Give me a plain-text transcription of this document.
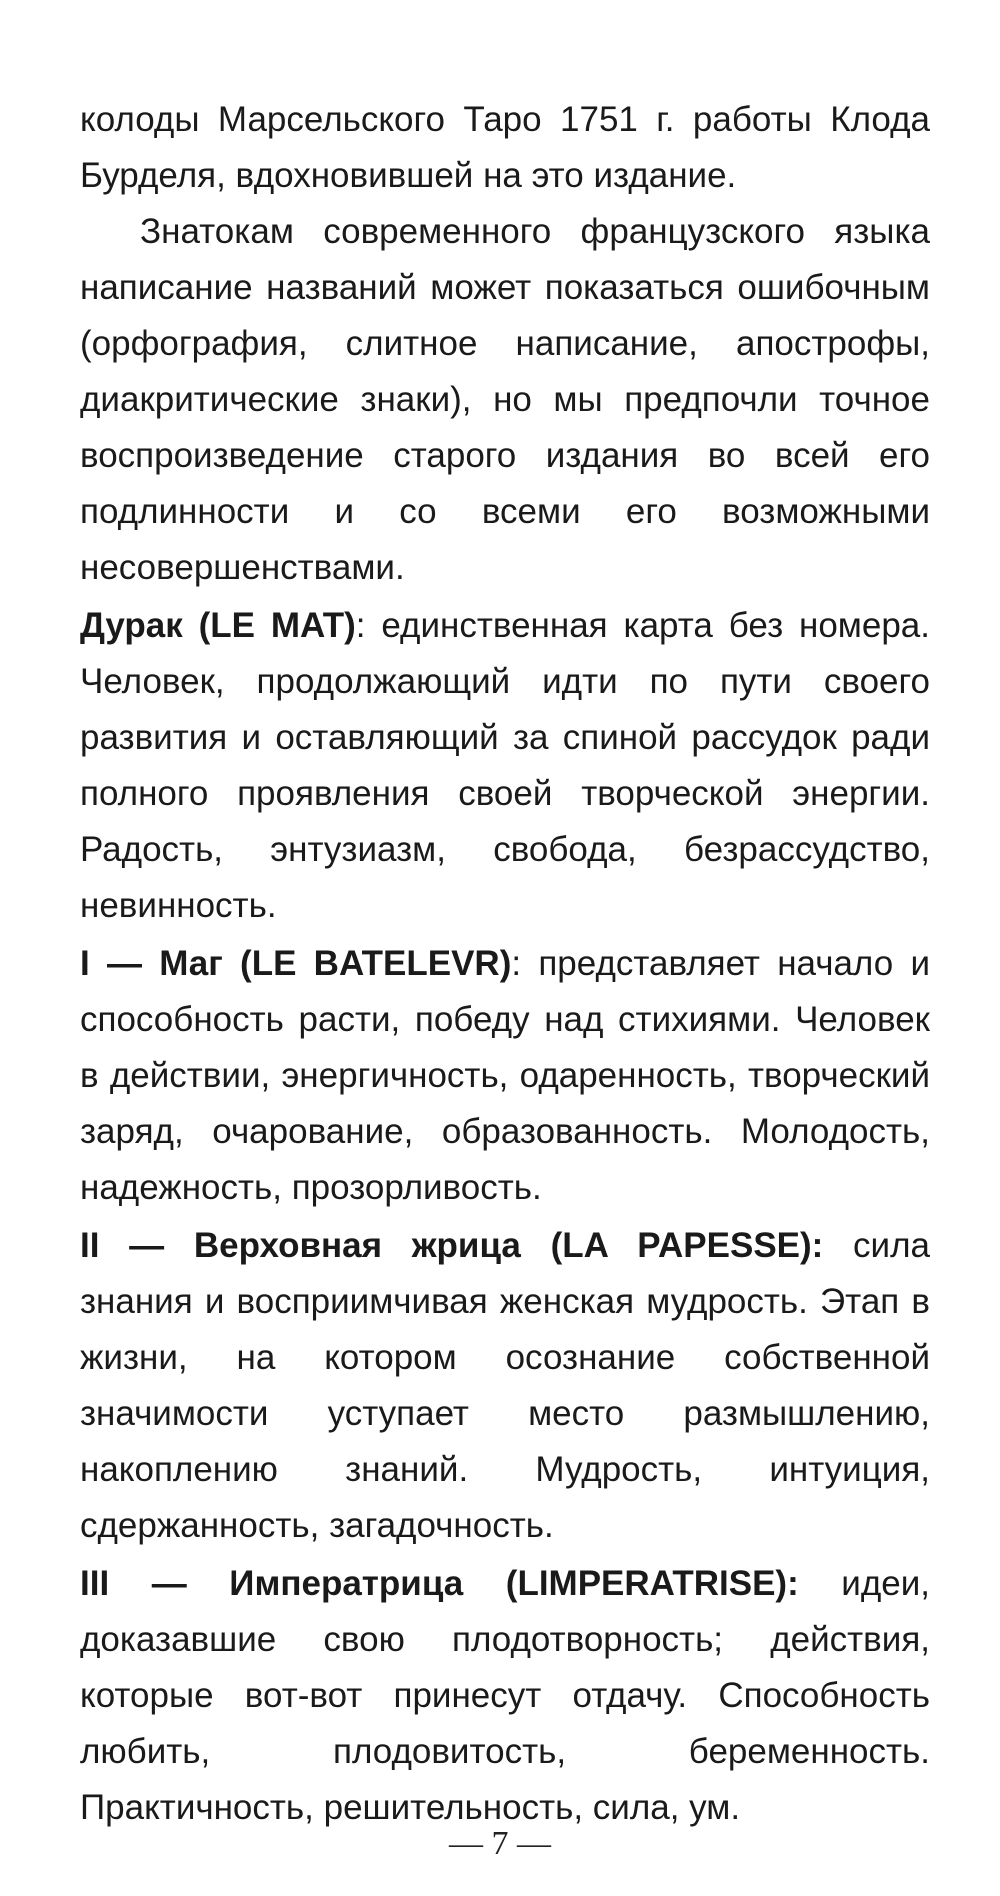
колоды Марсельского Таро 1751 г. работы Клода Бурделя, вдохновившей на это издание.

Знатокам современного французского языка написание названий может показаться ошибочным (орфография, слитное написание, апострофы, диакритические знаки), но мы предпочли точное воспроизведение старого издания во всей его подлинности и со всеми его возможными несовершенствами.

Дурак (LE MAT): единственная карта без номера. Человек, продолжающий идти по пути своего развития и оставляющий за спиной рассудок ради полного проявления своей творческой энергии. Радость, энтузиазм, свобода, безрассудство, невинность.

I — Маг (LE BATELEVR): представляет начало и способность расти, победу над стихиями. Человек в действии, энергичность, одаренность, творческий заряд, очарование, образованность. Молодость, надежность, прозорливость.

II — Верховная жрица (LA PAPESSE): сила знания и восприимчивая женская мудрость. Этап в жизни, на котором осознание собственной значимости уступает место размышлению, накоплению знаний. Мудрость, интуиция, сдержанность, загадочность.

III — Императрица (LIMPERATRISE): идеи, доказавшие свою плодотворность; действия, которые вот-вот принесут отдачу. Способность любить, плодовитость, беременность. Практичность, решительность, сила, ум.

— 7 —
